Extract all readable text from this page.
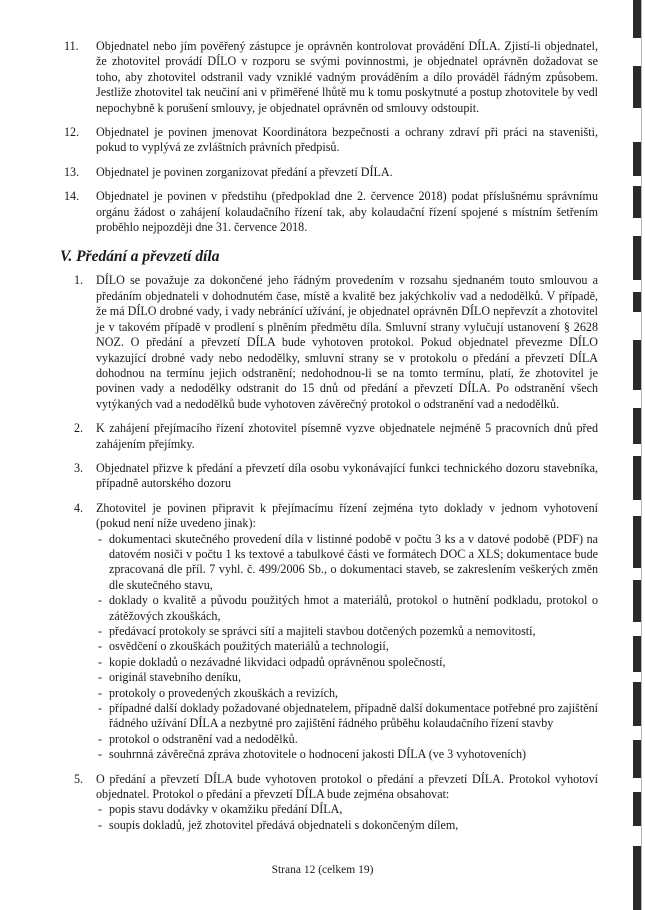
11. Objednatel nebo jím pověřený zástupce je oprávněn kontrolovat provádění DÍLA. Zjistí-li objednatel, že zhotovitel provádí DÍLO v rozporu se svými povinnostmi, je objednatel oprávněn dožadovat se toho, aby zhotovitel odstranil vady vzniklé vadným prováděním a dílo prováděl řádným způsobem. Jestliže zhotovitel tak neučiní ani v přiměřené lhůtě mu k tomu poskytnuté a postup zhotovitele by vedl nepochybně k porušení smlouvy, je objednatel oprávněn od smlouvy odstoupit.
12. Objednatel je povinen jmenovat Koordinátora bezpečnosti a ochrany zdraví při práci na staveništi, pokud to vyplývá ze zvláštních právních předpisů.
13. Objednatel je povinen zorganizovat předání a převzetí DÍLA.
14. Objednatel je povinen v předstihu (předpoklad dne 2. července 2018) podat příslušnému správnímu orgánu žádost o zahájení kolaudačního řízení tak, aby kolaudační řízení spojené s místním šetřením proběhlo nejpozději dne 31. července 2018.
V. Předání a převzetí díla
1. DÍLO se považuje za dokončené jeho řádným provedením v rozsahu sjednaném touto smlouvou a předáním objednateli v dohodnutém čase, místě a kvalitě bez jakýchkoliv vad a nedodělků. V případě, že má DÍLO drobné vady, i vady nebránící užívání, je objednatel oprávněn DÍLO nepřevzít a zhotovitel je v takovém případě v prodlení s plněním předmětu díla. Smluvní strany vylučují ustanovení § 2628 NOZ. O předání a převzetí DÍLA bude vyhotoven protokol. Pokud objednatel převezme DÍLO vykazující drobné vady nebo nedodělky, smluvní strany se v protokolu o předání a převzetí DÍLA dohodnou na termínu jejich odstranění; nedohodnou-li se na tomto termínu, platí, že zhotovitel je povinen vady a nedodělky odstranit do 15 dnů od předání a převzetí DÍLA. Po odstranění všech vytýkaných vad a nedodělků bude vyhotoven závěrečný protokol o odstranění vad a nedodělků.
2. K zahájení přejímacího řízení zhotovitel písemně vyzve objednatele nejméně 5 pracovních dnů před zahájením přejímky.
3. Objednatel přizve k předání a převzetí díla osobu vykonávající funkci technického dozoru stavebníka, případně autorského dozoru
4. Zhotovitel je povinen připravit k přejímacímu řízení zejména tyto doklady v jednom vyhotovení (pokud není níže uvedeno jinak):
- dokumentaci skutečného provedení díla v listinné podobě v počtu 3 ks a v datové podobě (PDF) na datovém nosiči v počtu 1 ks textové a tabulkové části ve formátech DOC a XLS; dokumentace bude zpracovaná dle příl. 7 vyhl. č. 499/2006 Sb., o dokumentaci staveb, se zakreslením veškerých změn dle skutečného stavu,
- doklady o kvalitě a původu použitých hmot a materiálů, protokol o hutnění podkladu, protokol o zátěžových zkouškách,
- předávací protokoly se správci sítí a majiteli stavbou dotčených pozemků a nemovitostí,
- osvědčení o zkouškách použitých materiálů a technologií,
- kopie dokladů o nezávadné likvidaci odpadů oprávněnou společností,
- originál stavebního deníku,
- protokoly o provedených zkouškách a revizích,
- případné další doklady požadované objednatelem, případně další dokumentace potřebné pro zajištění řádného užívání DÍLA a nezbytné pro zajištění řádného průběhu kolaudačního řízení stavby
- protokol o odstranění vad a nedodělků.
- souhrnná závěrečná zpráva zhotovitele o hodnocení jakosti DÍLA (ve 3 vyhotoveních)
5. O předání a převzetí DÍLA bude vyhotoven protokol o předání a převzetí DÍLA. Protokol vyhotoví objednatel. Protokol o předání a převzetí DÍLA bude zejména obsahovat:
- popis stavu dodávky v okamžiku předání DÍLA,
- soupis dokladů, jež zhotovitel předává objednateli s dokončeným dílem,
Strana 12 (celkem 19)
